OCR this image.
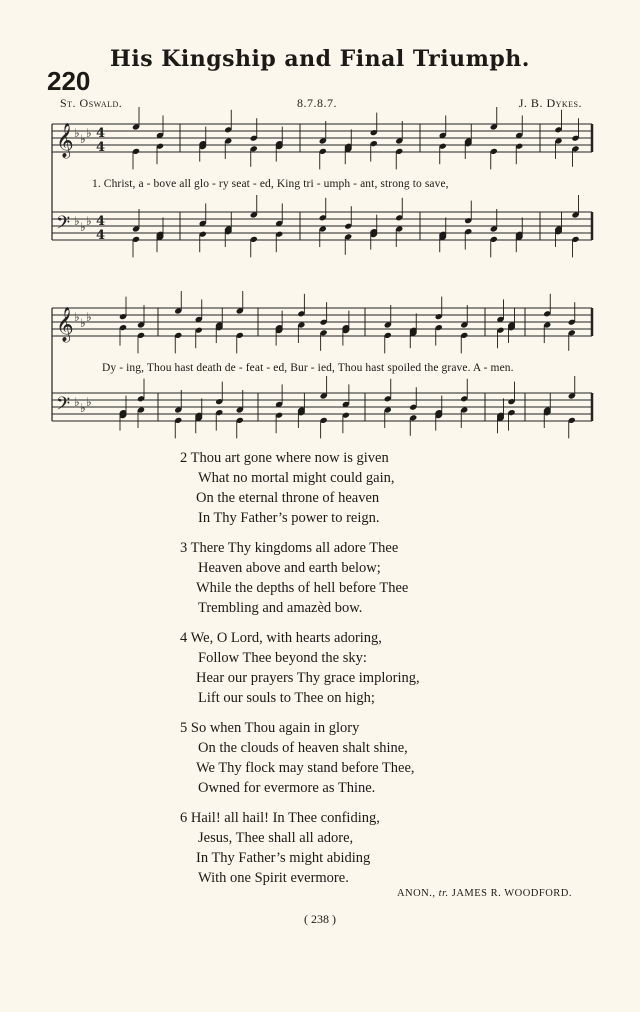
His Kingship and Final Triumph.
220
St. Oswald.	8.7.8.7.	J. B. Dykes.
𝄞 ♭ ♭ ♭ 4
4
𝄢 ♭ ♭ ♭ 4
4
𝄞 ♭ ♭ ♭
𝄢 ♭ ♭ ♭
1. Christ, a - bove all glo - ry seat - ed, King tri - umph - ant, strong to save,
Dy - ing, Thou hast death de - feat - ed, Bur - ied, Thou hast spoiled the grave. A - men.
2 Thou art gone where now is given
What no mortal might could gain,
On the eternal throne of heaven
In Thy Father’s power to reign.
3 There Thy kingdoms all adore Thee
Heaven above and earth below;
While the depths of hell before Thee
Trembling and amazèd bow.
4 We, O Lord, with hearts adoring,
Follow Thee beyond the sky:
Hear our prayers Thy grace imploring,
Lift our souls to Thee on high;
5 So when Thou again in glory
On the clouds of heaven shalt shine,
We Thy flock may stand before Thee,
Owned for evermore as Thine.
6 Hail! all hail! In Thee confiding,
Jesus, Thee shall all adore,
In Thy Father’s might abiding
With one Spirit evermore.
ANON., tr. JAMES R. WOODFORD.
( 238 )
